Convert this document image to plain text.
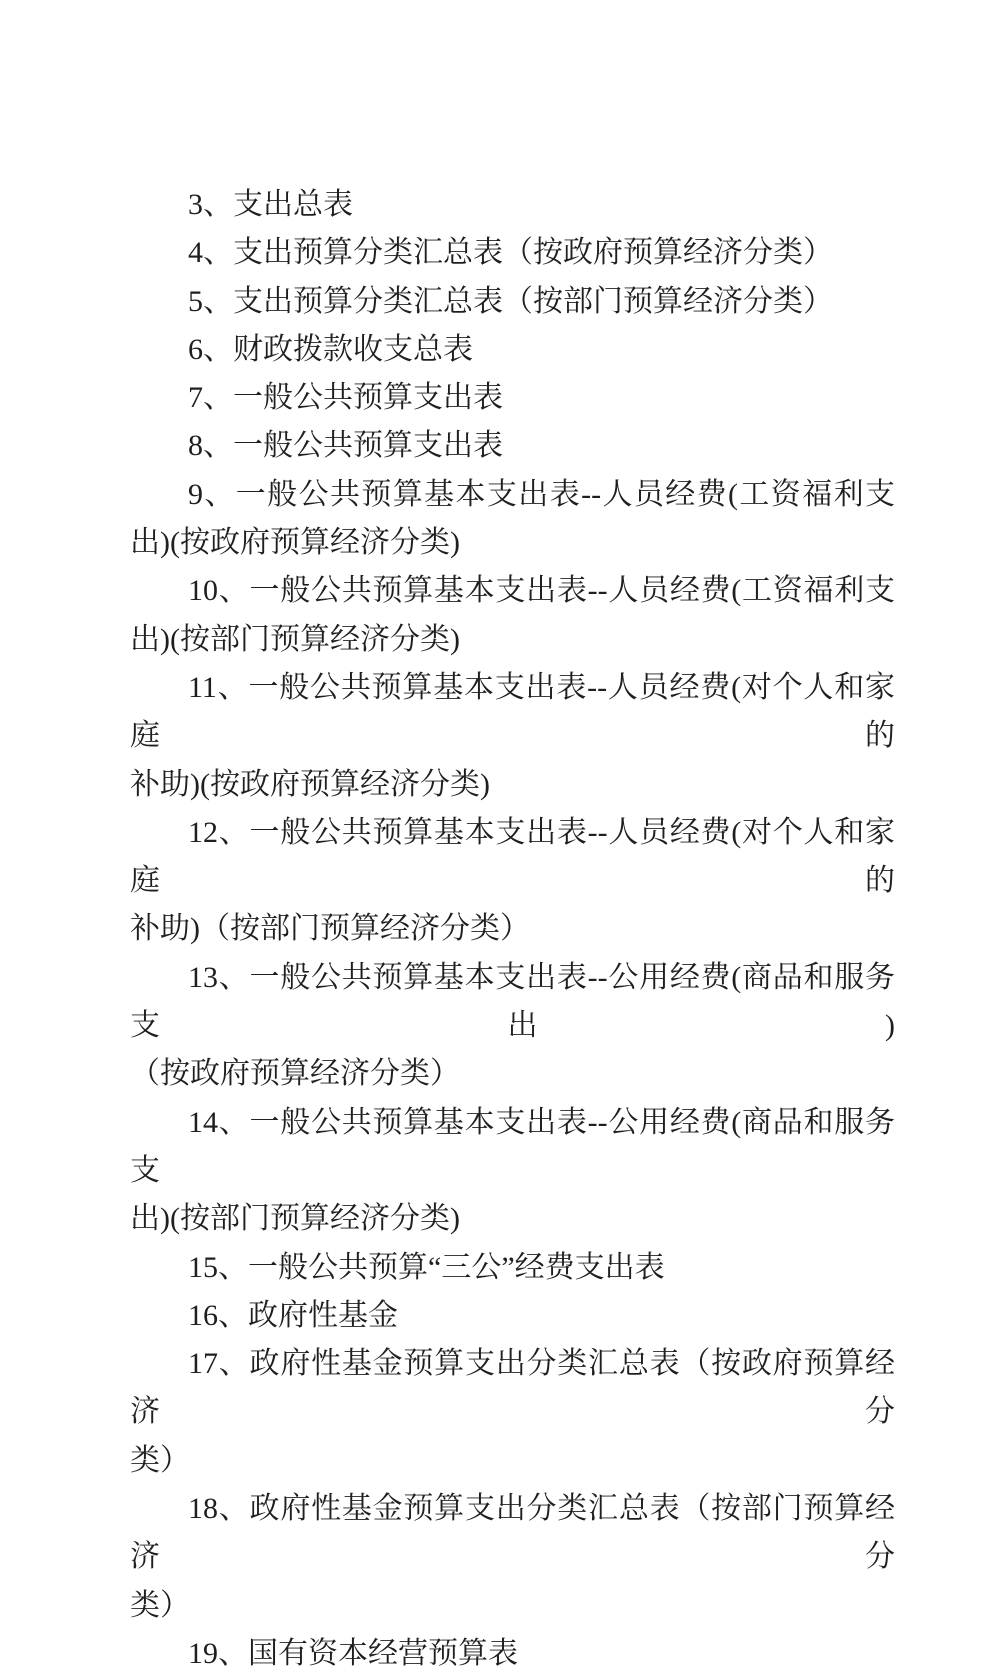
3、支出总表
4、支出预算分类汇总表（按政府预算经济分类）
5、支出预算分类汇总表（按部门预算经济分类）
6、财政拨款收支总表
7、一般公共预算支出表
8、一般公共预算支出表
9、一般公共预算基本支出表--人员经费(工资福利支
出)(按政府预算经济分类)
10、一般公共预算基本支出表--人员经费(工资福利支
出)(按部门预算经济分类)
11、一般公共预算基本支出表--人员经费(对个人和家庭的
补助)(按政府预算经济分类)
12、一般公共预算基本支出表--人员经费(对个人和家庭的
补助)（按部门预算经济分类）
13、一般公共预算基本支出表--公用经费(商品和服务支出)
（按政府预算经济分类）
14、一般公共预算基本支出表--公用经费(商品和服务支
出)(按部门预算经济分类)
15、一般公共预算“三公”经费支出表
16、政府性基金
17、政府性基金预算支出分类汇总表（按政府预算经济分
类）
18、政府性基金预算支出分类汇总表（按部门预算经济分
类）
19、国有资本经营预算表
